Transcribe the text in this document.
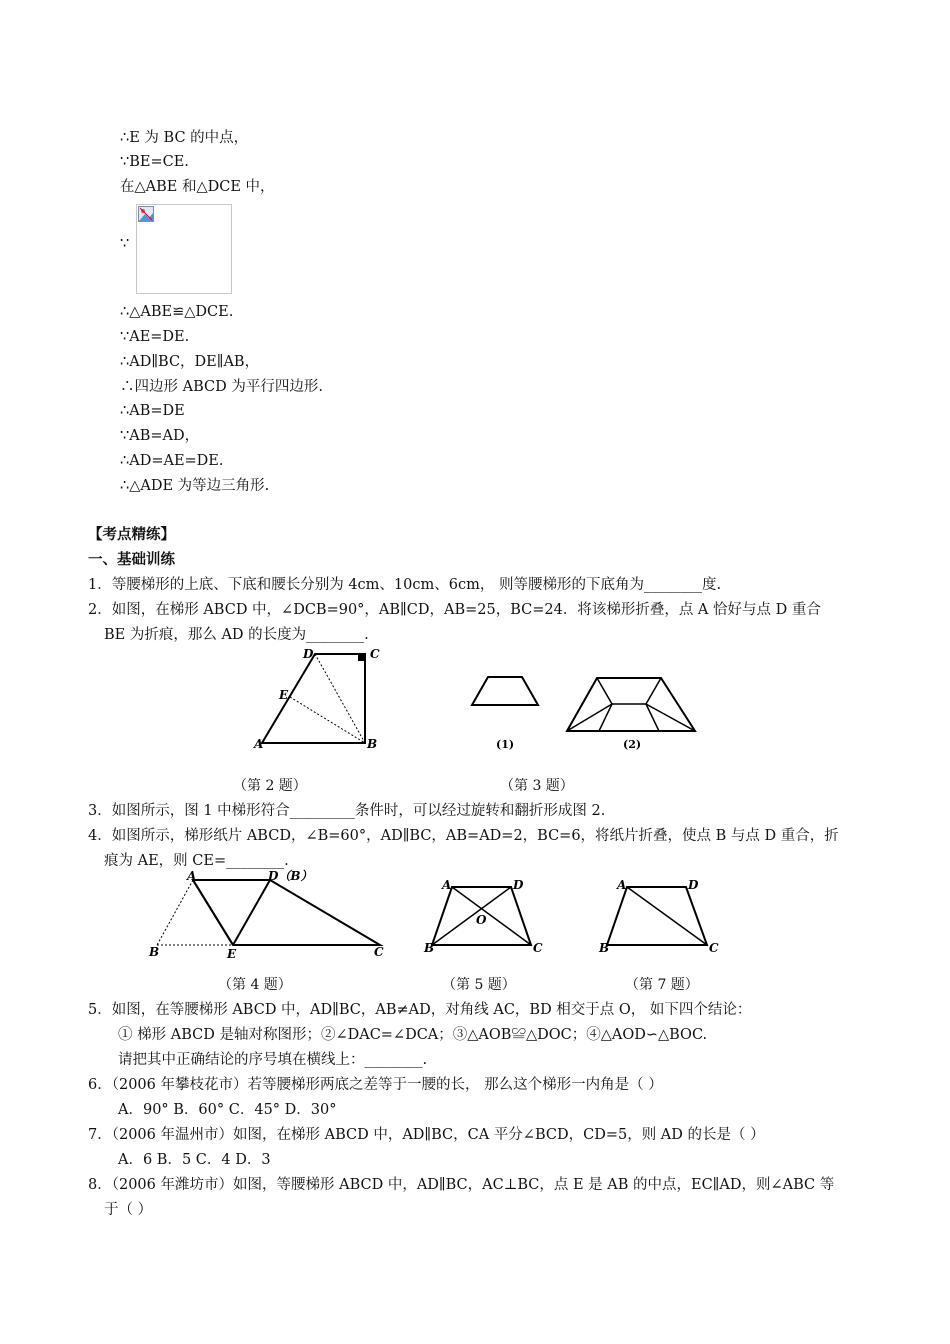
∴E 为 BC 的中点，
∵BE=CE.
在△ABE 和△DCE 中，
∵
∴△ABE≌△DCE.
∵AE=DE.
∴AD∥BC，DE∥AB，
∴四边形 ABCD 为平行四边形.
∴AB=DE
∵AB=AD，
∴AD=AE=DE.
∴△ADE 为等边三角形.
【考点精练】
一、基础训练
1．等腰梯形的上底、下底和腰长分别为 4cm、10cm、6cm， 则等腰梯形的下底角为________度.
2．如图，在梯形 ABCD 中，∠DCB=90°，AB∥CD，AB=25，BC=24．将该梯形折叠，点 A 恰好与点 D 重合
BE 为折痕，那么 AD 的长度为________.
D	C
E
A	B	(1)	(2)
（第 2 题）	（第 3 题）
3．如图所示，图 1 中梯形符合_________条件时，可以经过旋转和翻折形成图 2.
4．如图所示，梯形纸片 ABCD，∠B=60°，AD∥BC，AB=AD=2，BC=6，将纸片折叠，使点 B 与点 D 重合，折
痕为 AE，则 CE=________.
A	D（B）
B	E	C
A	D
O
B	C
A	D
B	C
（第 4 题）	（第 5 题）	（第 7 题）
5．如图，在等腰梯形 ABCD 中，AD∥BC，AB≠AD，对角线 AC，BD 相交于点 O， 如下四个结论：
① 梯形 ABCD 是轴对称图形；②∠DAC=∠DCA；③△AOB≌△DOC；④△AOD∽△BOC.
请把其中正确结论的序号填在横线上：________.
6．（2006 年攀枝花市）若等腰梯形两底之差等于一腰的长， 那么这个梯形一内角是（ ）
A．90° B．60° C．45° D．30°
7．（2006 年温州市）如图，在梯形 ABCD 中，AD∥BC，CA 平分∠BCD，CD=5，则 AD 的长是（ ）
A．6 B．5 C．4 D．3
8．（2006 年潍坊市）如图，等腰梯形 ABCD 中，AD∥BC，AC⊥BC，点 E 是 AB 的中点，EC∥AD，则∠ABC 等
于（ ）
